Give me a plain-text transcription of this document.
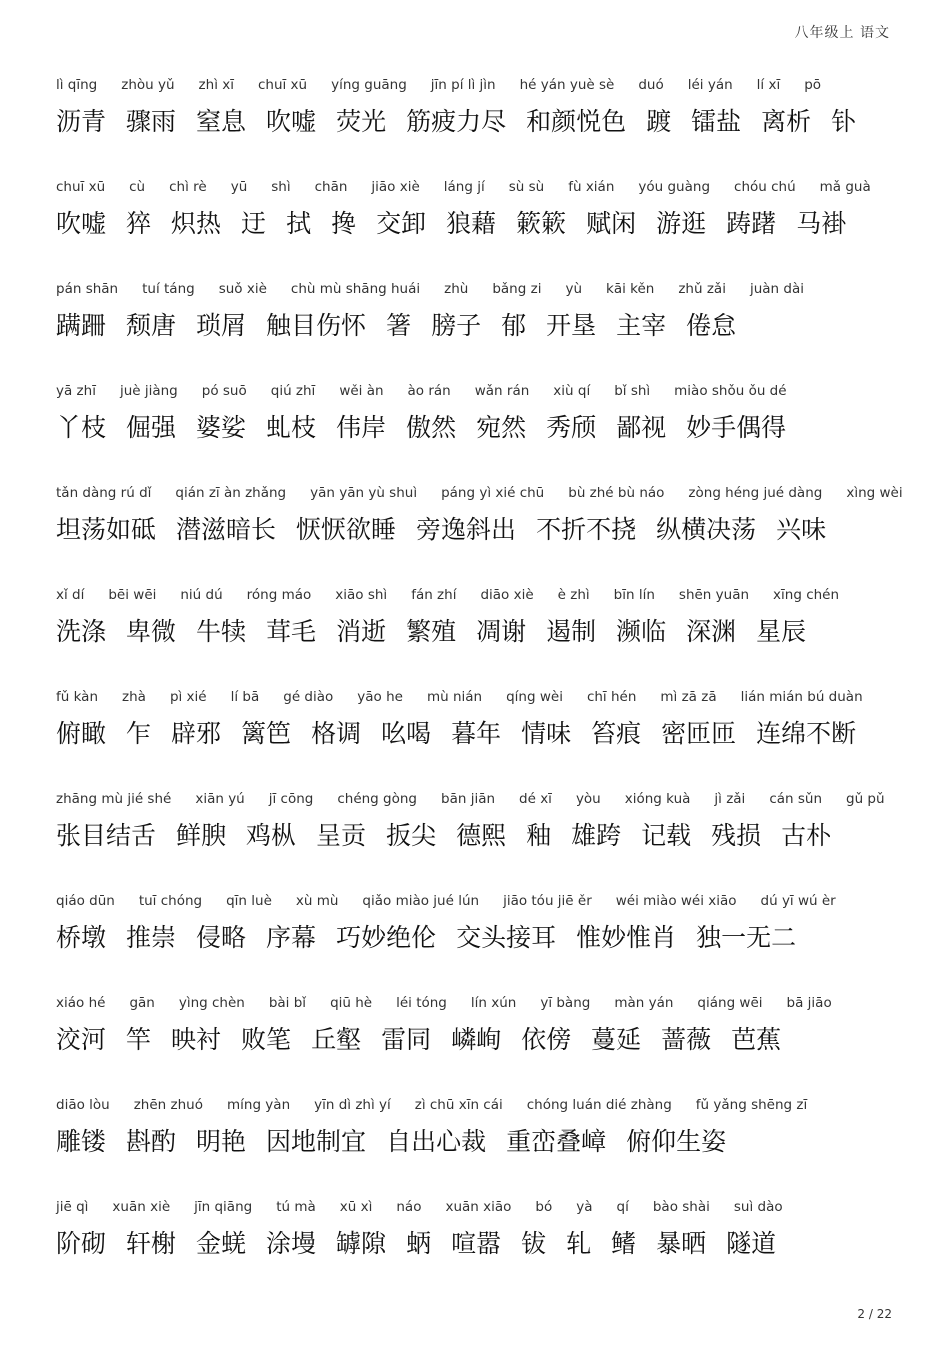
八年级上 语文
lì qīng zhòu yǔ zhì xī chuī xū yíng guāng jīn pí lì jìn hé yán yuè sè duó léi yán lí xī pō
沥青 骤雨 窒息 吹嘘 荧光 筋疲力尽 和颜悦色 踱 镭盐 离析 钋
chuī xū cù chì rè yū shì chān jiāo xiè láng jí sù sù fù xián yóu guàng chóu chú mǎ guà
吹嘘 猝 炽热 迂 拭 搀 交卸 狼藉 簌簌 赋闲 游逛 踌躇 马褂
pán shān tuí táng suǒ xiè chù mù shāng huái zhù bǎng zi yù kāi kěn zhǔ zǎi juàn dài
蹒跚 颓唐 琐屑 触目伤怀 箸 膀子 郁 开垦 主宰 倦怠
yā zhī juè jiàng pó suō qiú zhī wěi àn ào rán wǎn rán xiù qí bǐ shì miào shǒu ǒu dé
丫枝 倔强 婆娑 虬枝 伟岸 傲然 宛然 秀颀 鄙视 妙手偶得
tǎn dàng rú dǐ qián zī àn zhǎng yān yān yù shuì páng yì xié chū bù zhé bù náo zòng héng jué dàng xìng wèi
坦荡如砥 潜滋暗长 恹恹欲睡 旁逸斜出 不折不挠 纵横决荡 兴味
xǐ dí bēi wēi niú dú róng máo xiāo shì fán zhí diāo xiè è zhì bīn lín shēn yuān xīng chén
洗涤 卑微 牛犊 茸毛 消逝 繁殖 凋谢 遏制 濒临 深渊 星辰
fǔ kàn zhà pì xié lí bā gé diào yāo he mù nián qíng wèi chī hén mì zā zā lián mián bú duàn
俯瞰 乍 辟邪 篱笆 格调 吆喝 暮年 情味 笞痕 密匝匝 连绵不断
zhāng mù jié shé xiān yú jī cōng chéng gòng bān jiān dé xī yòu xióng kuà jì zǎi cán sǔn gǔ pǔ
张目结舌 鲜腴 鸡枞 呈贡 扳尖 德熙 釉 雄跨 记载 残损 古朴
qiáo dūn tuī chóng qīn luè xù mù qiǎo miào jué lún jiāo tóu jiē ěr wéi miào wéi xiāo dú yī wú èr
桥墩 推崇 侵略 序幕 巧妙绝伦 交头接耳 惟妙惟肖 独一无二
xiáo hé gān yìng chèn bài bǐ qiū hè léi tóng lín xún yī bàng màn yán qiáng wēi bā jiāo
洨河 竿 映衬 败笔 丘壑 雷同 嶙峋 依傍 蔓延 蔷薇 芭蕉
diāo lòu zhēn zhuó míng yàn yīn dì zhì yí zì chū xīn cái chóng luán dié zhàng fǔ yǎng shēng zī
雕镂 斟酌 明艳 因地制宜 自出心裁 重峦叠嶂 俯仰生姿
jiē qì xuān xiè jīn qiāng tú mà xū xì náo xuān xiāo bó yà qí bào shài suì dào
阶砌 轩榭 金蜣 涂墁 罅隙 蛃 喧嚣 钹 轧 鳍 暴晒 隧道
2 / 22
